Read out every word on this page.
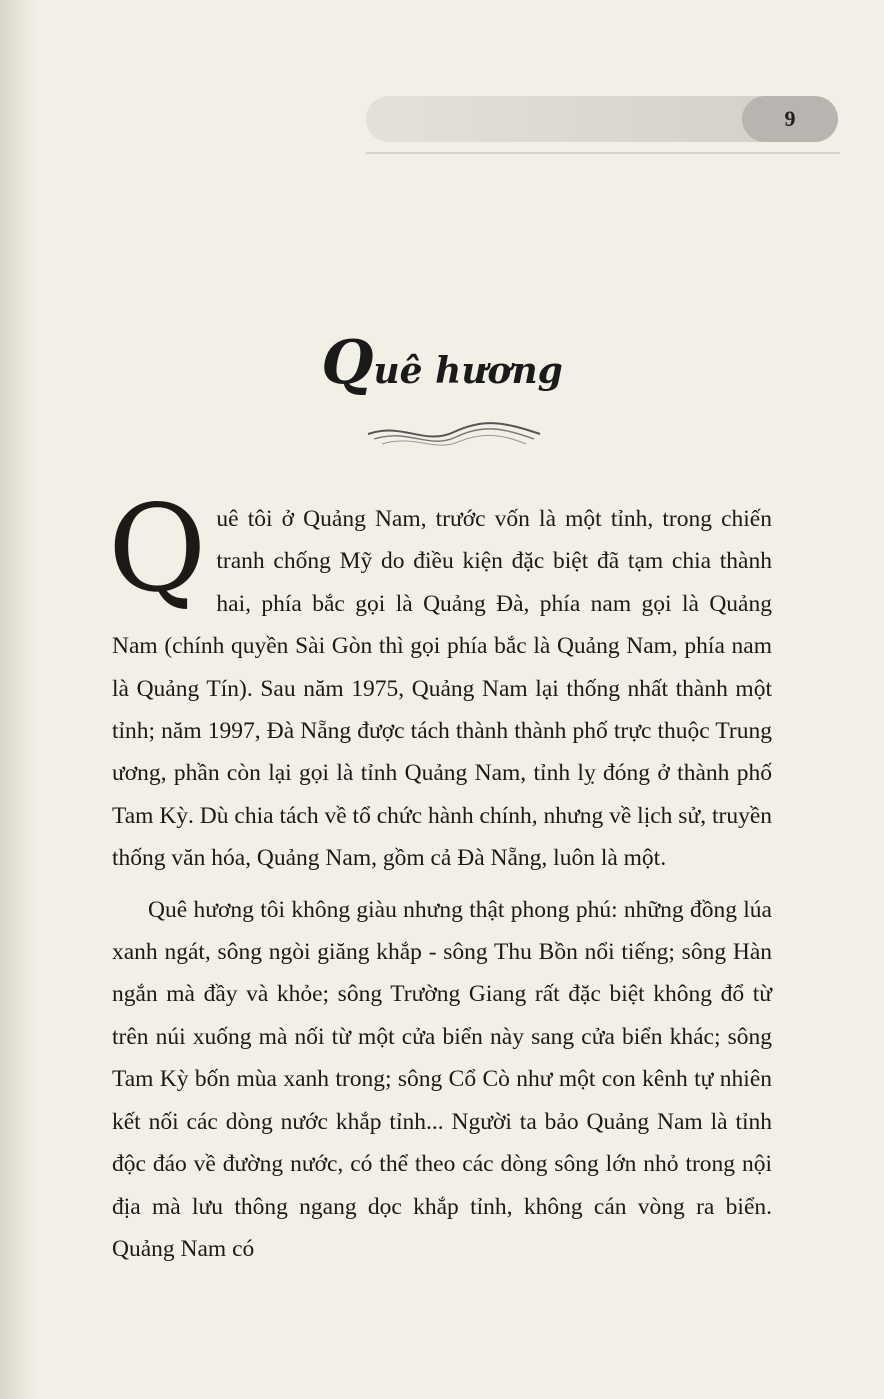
9
Quê hương

Quê tôi ở Quảng Nam, trước vốn là một tỉnh, trong chiến tranh chống Mỹ do điều kiện đặc biệt đã tạm chia thành hai, phía bắc gọi là Quảng Đà, phía nam gọi là Quảng Nam (chính quyền Sài Gòn thì gọi phía bắc là Quảng Nam, phía nam là Quảng Tín). Sau năm 1975, Quảng Nam lại thống nhất thành một tỉnh; năm 1997, Đà Nẵng được tách thành thành phố trực thuộc Trung ương, phần còn lại gọi là tỉnh Quảng Nam, tỉnh lỵ đóng ở thành phố Tam Kỳ. Dù chia tách về tổ chức hành chính, nhưng về lịch sử, truyền thống văn hóa, Quảng Nam, gồm cả Đà Nẵng, luôn là một.

Quê hương tôi không giàu nhưng thật phong phú: những đồng lúa xanh ngát, sông ngòi giăng khắp - sông Thu Bồn nổi tiếng; sông Hàn ngắn mà đầy và khỏe; sông Trường Giang rất đặc biệt không đổ từ trên núi xuống mà nối từ một cửa biển này sang cửa biển khác; sông Tam Kỳ bốn mùa xanh trong; sông Cổ Cò như một con kênh tự nhiên kết nối các dòng nước khắp tỉnh... Người ta bảo Quảng Nam là tỉnh độc đáo về đường nước, có thể theo các dòng sông lớn nhỏ trong nội địa mà lưu thông ngang dọc khắp tỉnh, không cán vòng ra biển. Quảng Nam có
